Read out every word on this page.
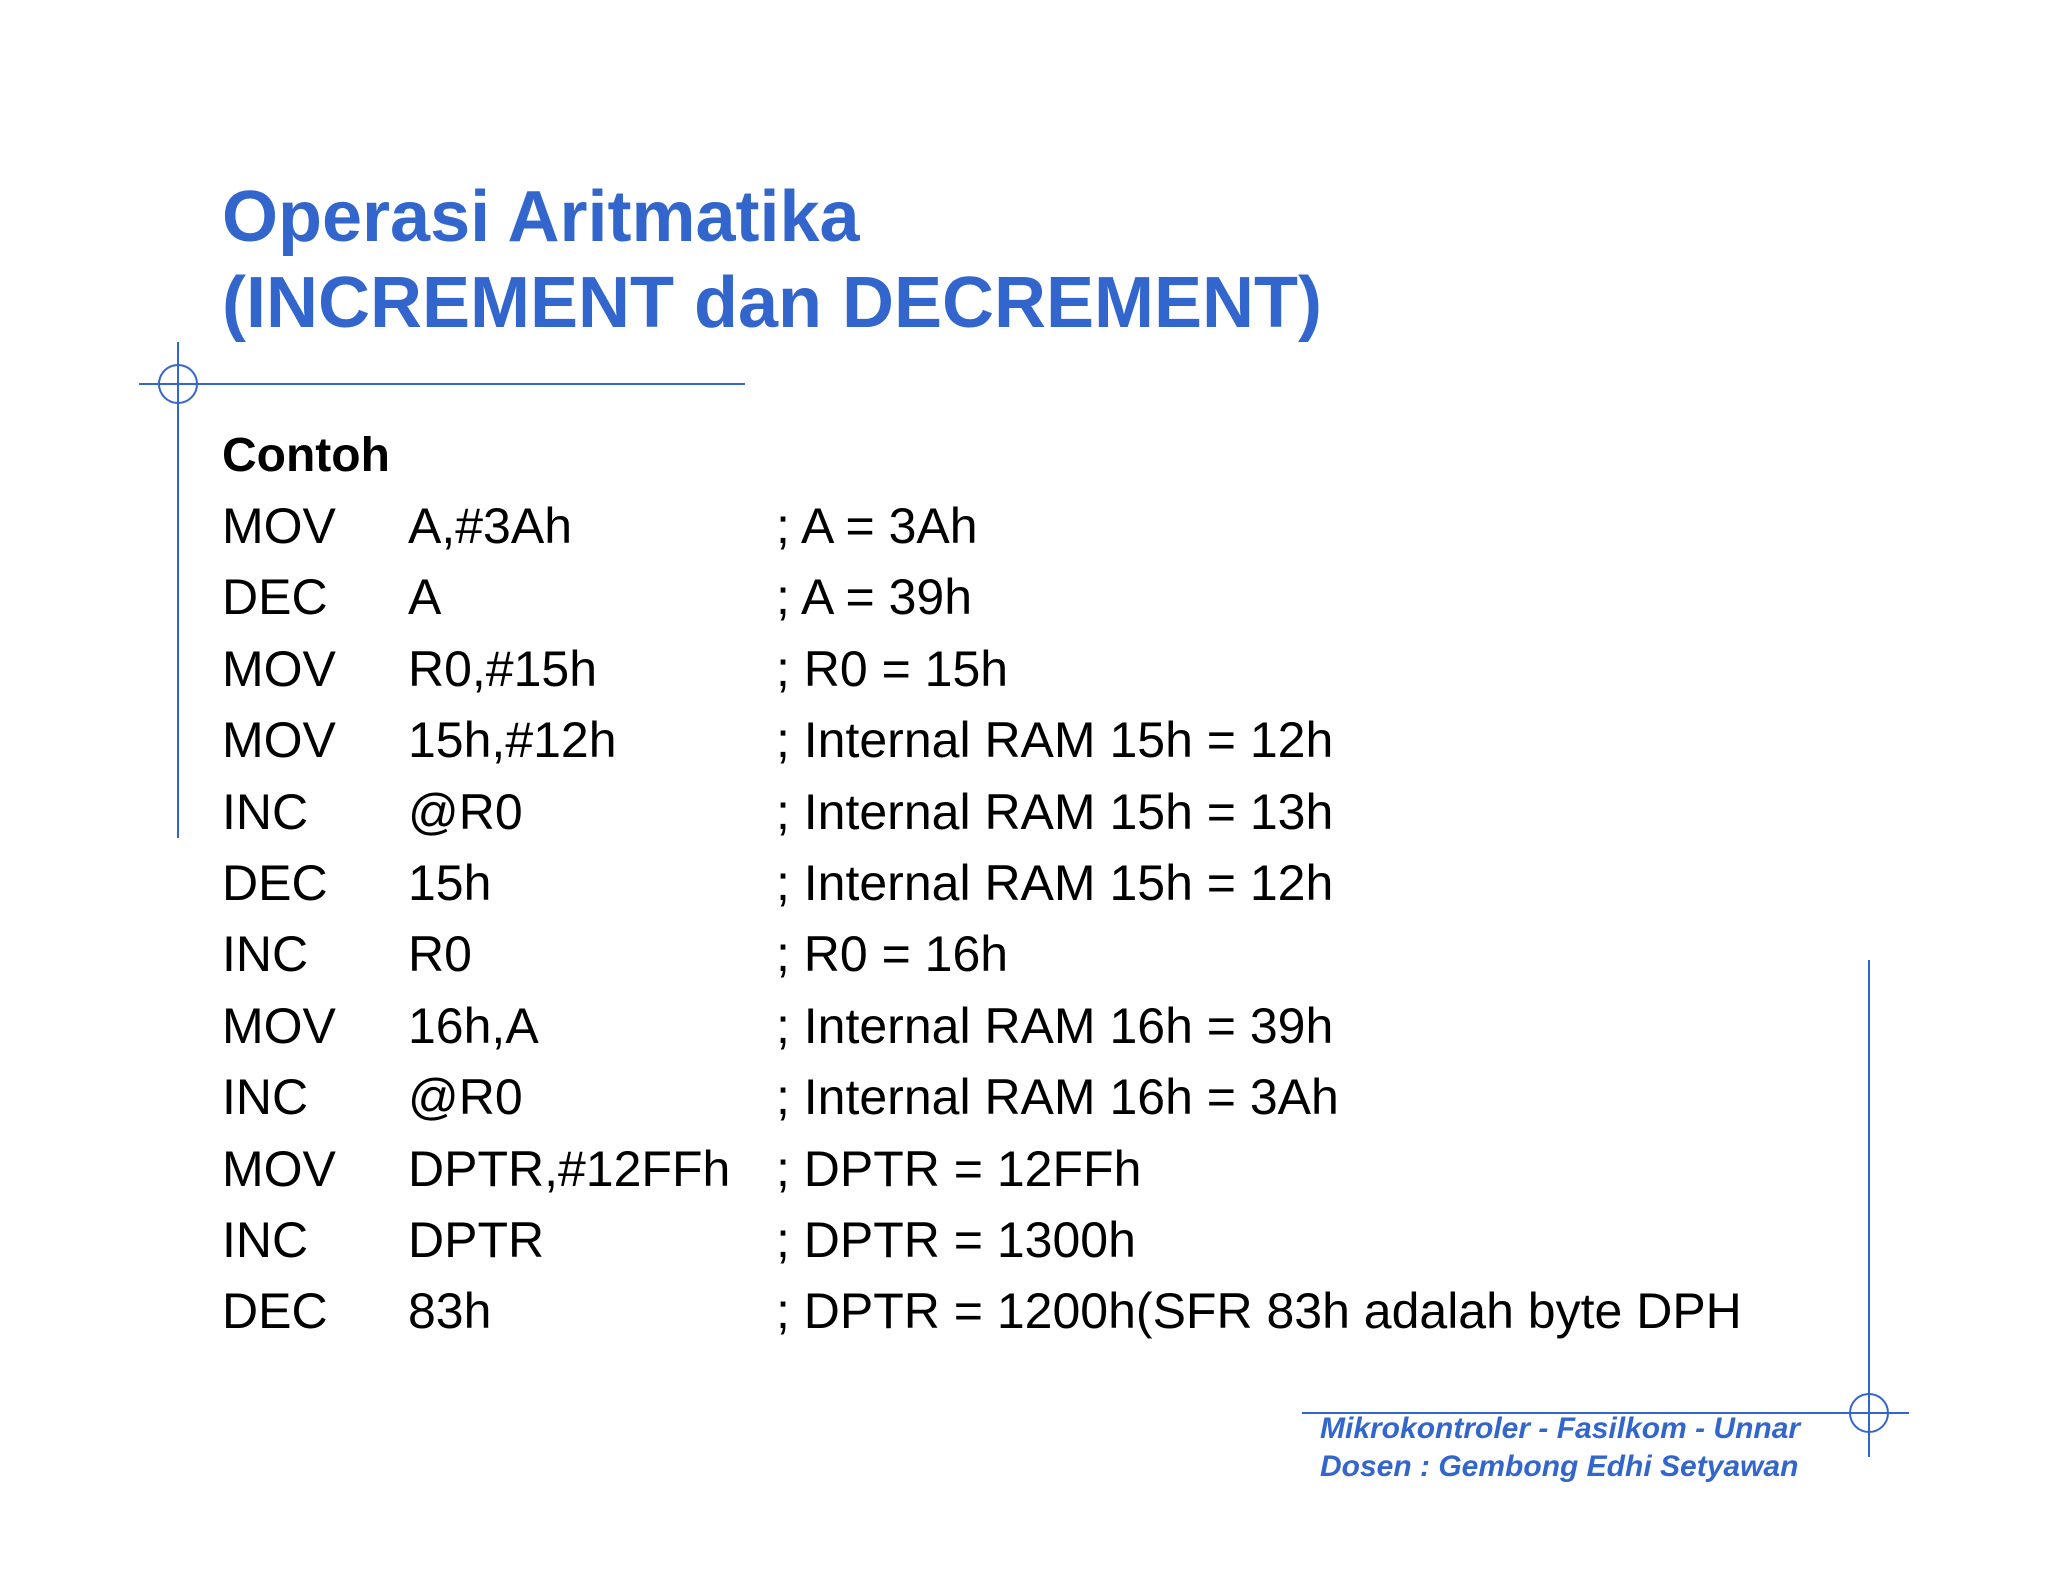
Operasi Aritmatika
(INCREMENT dan DECREMENT)
Contoh
MOV A,#3Ah	; A = 3Ah
DEC A	; A = 39h
MOV R0,#15h	; R0 = 15h
MOV 15h,#12h	; Internal RAM 15h = 12h
INC @R0	; Internal RAM 15h = 13h
DEC 15h	; Internal RAM 15h = 12h
INC R0	; R0 = 16h
MOV 16h,A	; Internal RAM 16h = 39h
INC @R0	; Internal RAM 16h = 3Ah
MOV DPTR,#12FFh ; DPTR = 12FFh
INC DPTR	; DPTR = 1300h
DEC 83h	; DPTR = 1200h(SFR 83h adalah byte DPH
Mikrokontroler - Fasilkom - Unnar
Dosen : Gembong Edhi Setyawan
